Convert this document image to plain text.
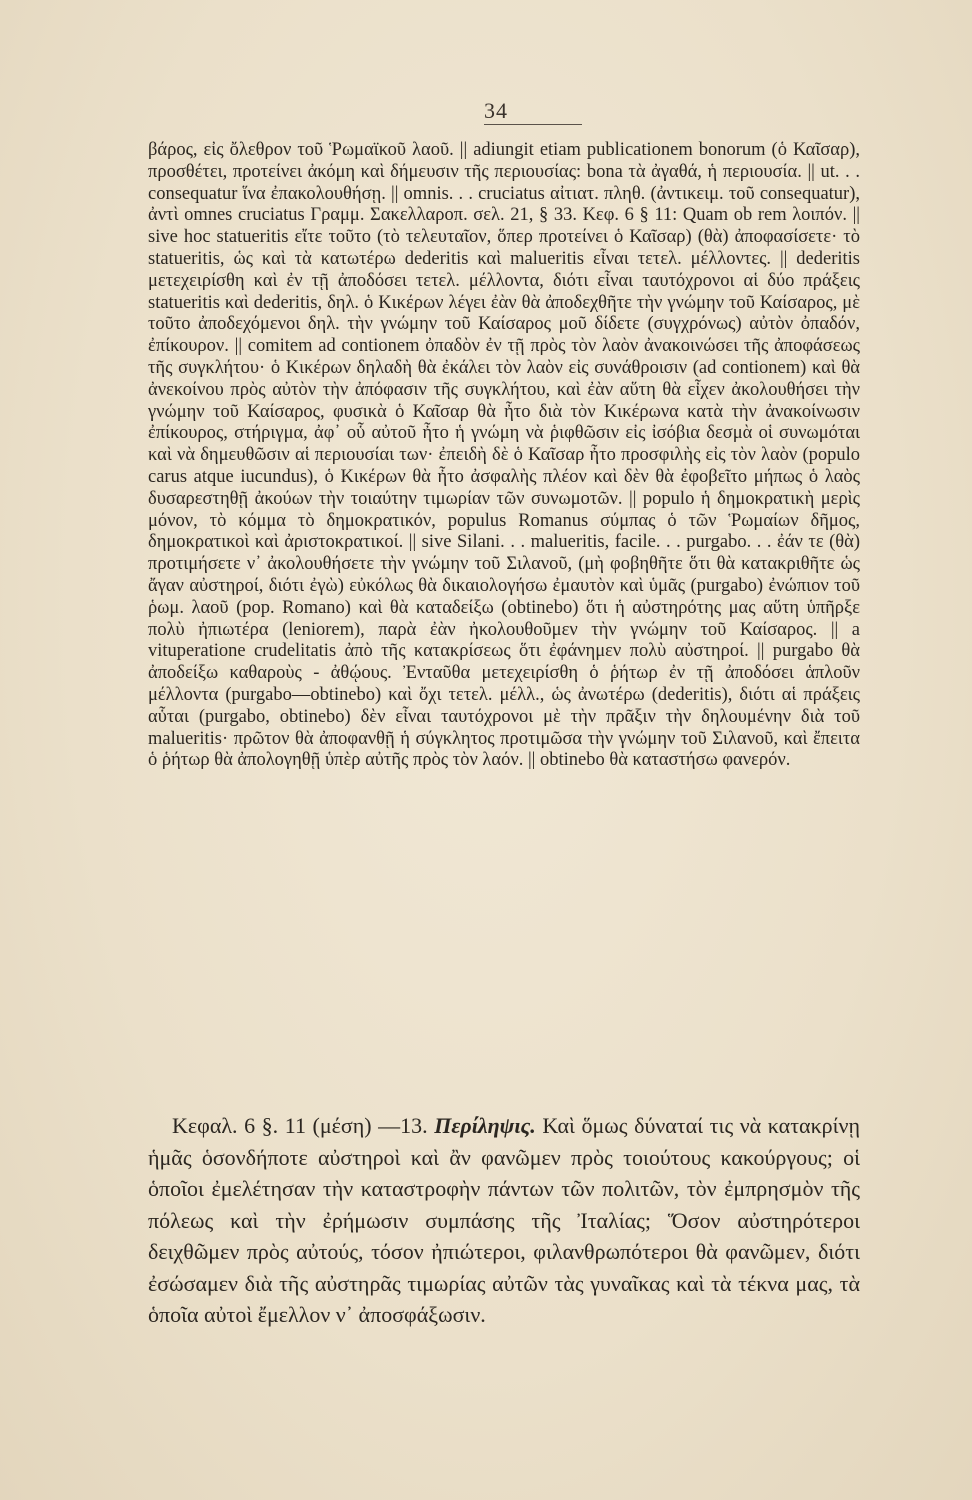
34

βάρος, εἰς ὄλεθρον τοῦ Ῥωμαϊκοῦ λαοῦ. || adiungit etiam publicationem bonorum (ὁ Καῖσαρ), προσθέτει, προτείνει ἀκόμη καὶ δήμευσιν τῆς περιουσίας: bona τὰ ἀγαθά, ἡ περιουσία. || ut. . . consequatur ἵνα ἐπακολουθήσῃ. || omnis. . . cruciatus αἰτιατ. πληθ. (ἀντικειμ. τοῦ consequatur), ἀντὶ omnes cruciatus Γραμμ. Σακελλαροπ. σελ. 21, § 33. Κεφ. 6 § 11: Quam ob rem λοιπόν. || sive hoc statueritis εἴτε τοῦτο (τὸ τελευταῖον, ὅπερ προτείνει ὁ Καῖσαρ) (θὰ) ἀποφασίσετε· τὸ statueritis, ὡς καὶ τὰ κατωτέρω dederitis καὶ malueritis εἶναι τετελ. μέλλοντες. || dederitis μετεχειρίσθη καὶ ἐν τῇ ἀποδόσει τετελ. μέλλοντα, διότι εἶναι ταυτόχρονοι αἱ δύο πράξεις statueritis καὶ dederitis, δηλ. ὁ Κικέρων λέγει ἐὰν θὰ ἀποδεχθῆτε τὴν γνώμην τοῦ Καίσαρος, μὲ τοῦτο ἀποδεχόμενοι δηλ. τὴν γνώμην τοῦ Καίσαρος μοῦ δίδετε (συγχρόνως) αὐτὸν ὀπαδόν, ἐπίκουρον. || comitem ad contionem ὀπαδὸν ἐν τῇ πρὸς τὸν λαὸν ἀνακοινώσει τῆς ἀποφάσεως τῆς συγκλήτου· ὁ Κικέρων δηλαδὴ θὰ ἐκάλει τὸν λαὸν εἰς συνάθροισιν (ad contionem) καὶ θὰ ἀνεκοίνου πρὸς αὐτὸν τὴν ἀπόφασιν τῆς συγκλήτου, καὶ ἐὰν αὕτη θὰ εἶχεν ἀκολουθήσει τὴν γνώμην τοῦ Καίσαρος, φυσικὰ ὁ Καῖσαρ θὰ ἦτο διὰ τὸν Κικέρωνα κατὰ τὴν ἀνακοίνωσιν ἐπίκουρος, στήριγμα, ἀφ᾿ οὗ αὐτοῦ ἦτο ἡ γνώμη νὰ ῥιφθῶσιν εἰς ἰσόβια δεσμὰ οἱ συνωμόται καὶ νὰ δημευθῶσιν αἱ περιουσίαι των· ἐπειδὴ δὲ ὁ Καῖσαρ ἦτο προσφιλὴς εἰς τὸν λαὸν (populo carus atque iucundus), ὁ Κικέρων θὰ ἦτο ἀσφαλὴς πλέον καὶ δὲν θὰ ἐφοβεῖτο μήπως ὁ λαὸς δυσαρεστηθῇ ἀκούων τὴν τοιαύτην τιμωρίαν τῶν συνωμοτῶν. || populo ἡ δημοκρατικὴ μερὶς μόνον, τὸ κόμμα τὸ δημοκρατικόν, populus Romanus σύμπας ὁ τῶν Ῥωμαίων δῆμος, δημοκρατικοὶ καὶ ἀριστοκρατικοί. || sive Silani. . . malueritis, facile. . . purgabo. . . ἐάν τε (θὰ) προτιμήσετε ν᾿ ἀκολουθήσετε τὴν γνώμην τοῦ Σιλανοῦ, (μὴ φοβηθῆτε ὅτι θὰ κατακριθῆτε ὡς ἄγαν αὐστηροί, διότι ἐγὼ) εὐκόλως θὰ δικαιολογήσω ἐμαυτὸν καὶ ὑμᾶς (purgabo) ἐνώπιον τοῦ ῥωμ. λαοῦ (pop. Romano) καὶ θὰ καταδείξω (obtinebo) ὅτι ἡ αὐστηρότης μας αὕτη ὑπῆρξε πολὺ ἠπιωτέρα (leniorem), παρὰ ἐὰν ἠκολουθοῦμεν τὴν γνώμην τοῦ Καίσαρος. || a vituperatione crudelitatis ἀπὸ τῆς κατακρίσεως ὅτι ἐφάνημεν πολὺ αὐστηροί. || purgabo θὰ ἀποδείξω καθαροὺς - ἀθῴους. Ἐνταῦθα μετεχειρίσθη ὁ ῥήτωρ ἐν τῇ ἀποδόσει ἁπλοῦν μέλλοντα (purgabo—obtinebo) καὶ ὄχι τετελ. μέλλ., ὡς ἀνωτέρω (dederitis), διότι αἱ πράξεις αὗται (purgabo, obtinebo) δὲν εἶναι ταυτόχρονοι μὲ τὴν πρᾶξιν τὴν δηλουμένην διὰ τοῦ malueritis· πρῶτον θὰ ἀποφανθῇ ἡ σύγκλητος προτιμῶσα τὴν γνώμην τοῦ Σιλανοῦ, καὶ ἔπειτα ὁ ῥήτωρ θὰ ἀπολογηθῇ ὑπὲρ αὐτῆς πρὸς τὸν λαόν. || obtinebo θὰ καταστήσω φανερόν.

Κεφαλ. 6 §. 11 (μέση) —13. Περίληψις. Καὶ ὅμως δύναταί τις νὰ κατακρίνῃ ἡμᾶς ὁσονδήποτε αὐστηροὶ καὶ ἂν φανῶμεν πρὸς τοιούτους κακούργους; οἱ ὁποῖοι ἐμελέτησαν τὴν καταστροφὴν πάντων τῶν πολιτῶν, τὸν ἐμπρησμὸν τῆς πόλεως καὶ τὴν ἐρήμωσιν συμπάσης τῆς Ἰταλίας; Ὅσον αὐστηρότεροι δειχθῶμεν πρὸς αὐτούς, τόσον ἠπιώτεροι, φιλανθρωπότεροι θὰ φανῶμεν, διότι ἐσώσαμεν διὰ τῆς αὐστηρᾶς τιμωρίας αὐτῶν τὰς γυναῖκας καὶ τὰ τέκνα μας, τὰ ὁποῖα αὐτοὶ ἔμελλον ν᾿ ἀποσφάξωσιν.
